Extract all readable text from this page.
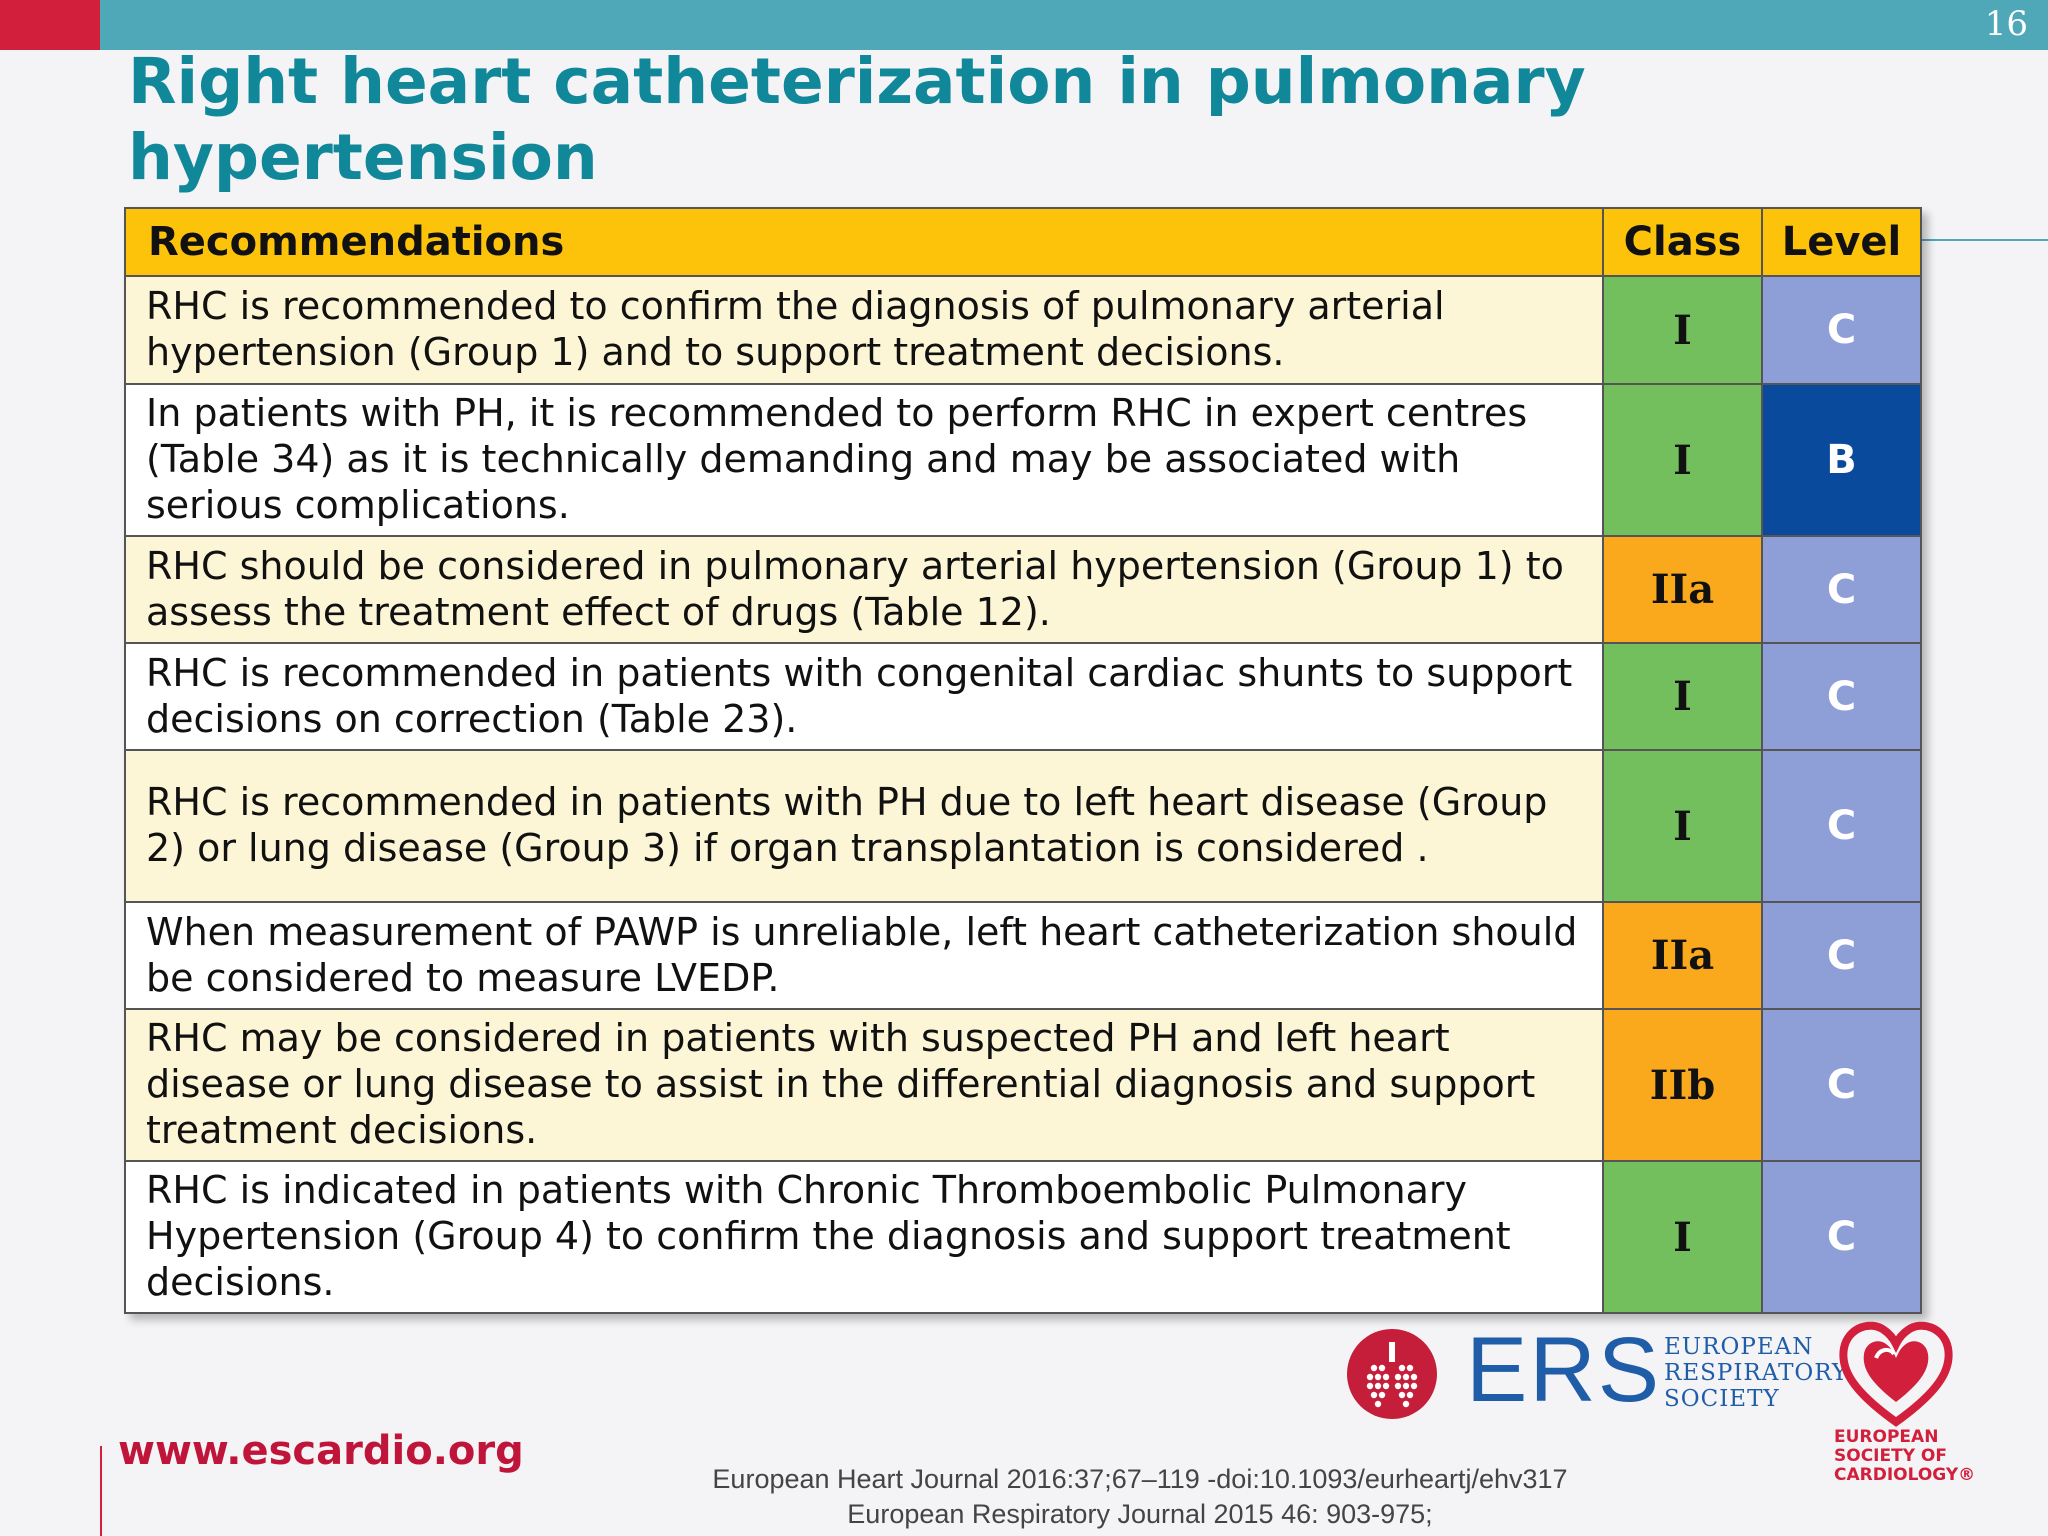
16
Right heart catheterization in pulmonary hypertension
Recommendations	Class	Level
RHC is recommended to confirm the diagnosis of pulmonary arterial hypertension (Group 1) and to support treatment decisions.	I	C
In patients with PH, it is recommended to perform RHC in expert centres (Table 34) as it is technically demanding and may be associated with serious complications.	I	B
RHC should be considered in pulmonary arterial hypertension (Group 1) to assess the treatment effect of drugs (Table 12).	IIa	C
RHC is recommended in patients with congenital cardiac shunts to support decisions on correction (Table 23).	I	C
RHC is recommended in patients with PH due to left heart disease (Group 2) or lung disease (Group 3) if organ transplantation is considered .	I	C
When measurement of PAWP is unreliable, left heart catheterization should be considered to measure LVEDP.	IIa	C
RHC may be considered in patients with suspected PH and left heart disease or lung disease to assist in the differential diagnosis and support treatment decisions.	IIb	C
RHC is indicated in patients with Chronic Thromboembolic Pulmonary Hypertension (Group 4) to confirm the diagnosis and support treatment decisions.	I	C
ERS EUROPEAN
RESPIRATORY
SOCIETY
EUROPEAN
SOCIETY OF
CARDIOLOGY®
www.escardio.org
European Heart Journal 2016:37;67–119 -doi:10.1093/eurheartj/ehv317
European Respiratory Journal 2015 46: 903-975;
